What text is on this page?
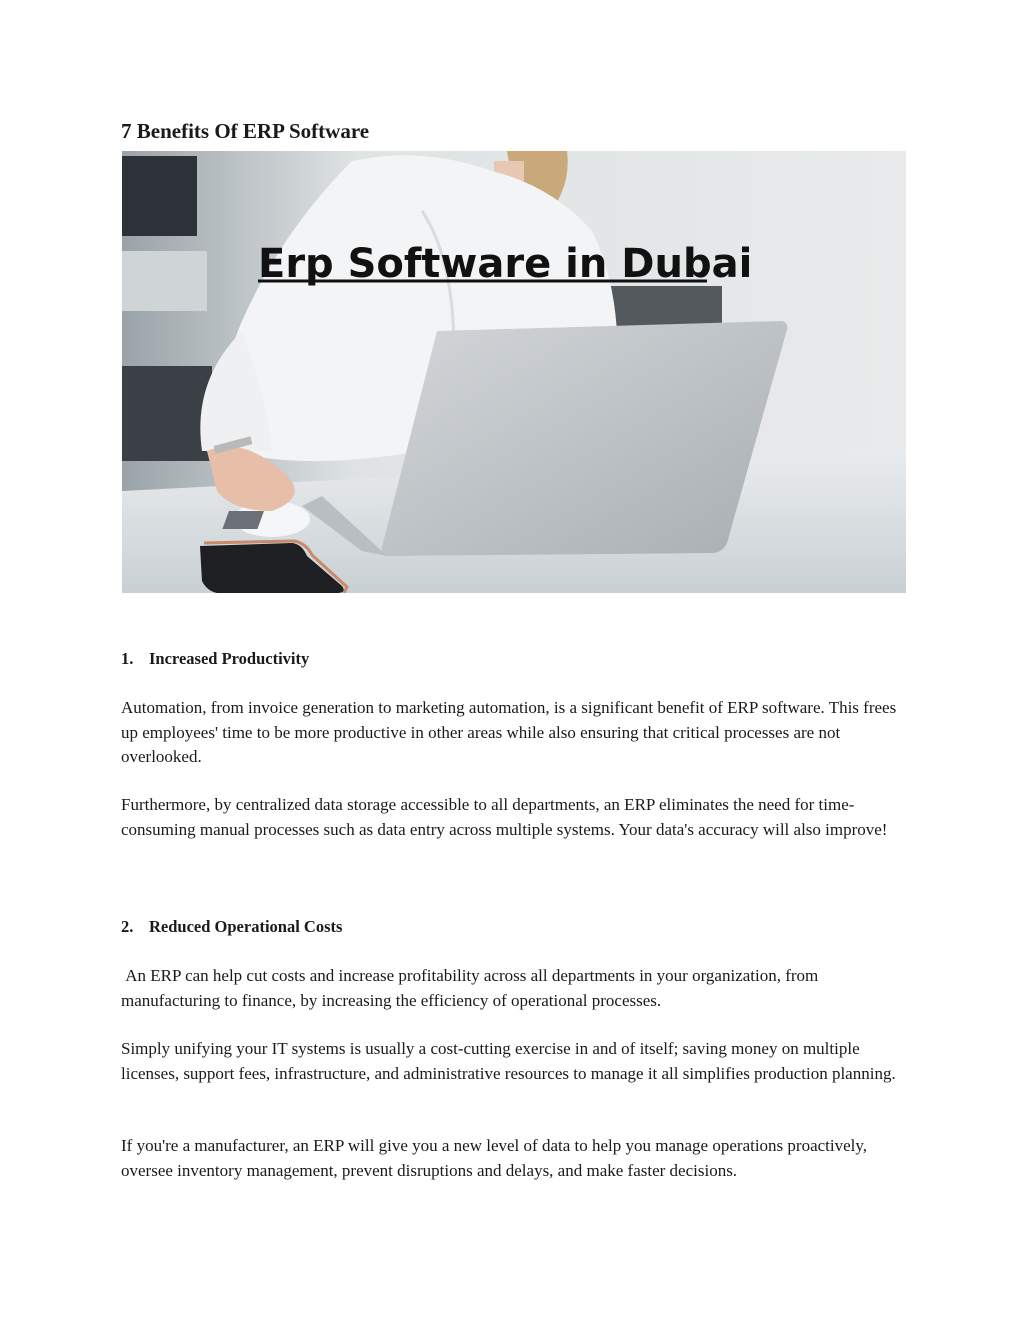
7 Benefits Of ERP Software
Erp Software in Dubai
1. Increased Productivity

Automation, from invoice generation to marketing automation, is a significant benefit of ERP software. This frees up employees' time to be more productive in other areas while also ensuring that critical processes are not overlooked.

Furthermore, by centralized data storage accessible to all departments, an ERP eliminates the need for time-consuming manual processes such as data entry across multiple systems. Your data's accuracy will also improve!

2. Reduced Operational Costs

An ERP can help cut costs and increase profitability across all departments in your organization, from manufacturing to finance, by increasing the efficiency of operational processes.

Simply unifying your IT systems is usually a cost-cutting exercise in and of itself; saving money on multiple licenses, support fees, infrastructure, and administrative resources to manage it all simplifies production planning.

If you're a manufacturer, an ERP will give you a new level of data to help you manage operations proactively, oversee inventory management, prevent disruptions and delays, and make faster decisions.
